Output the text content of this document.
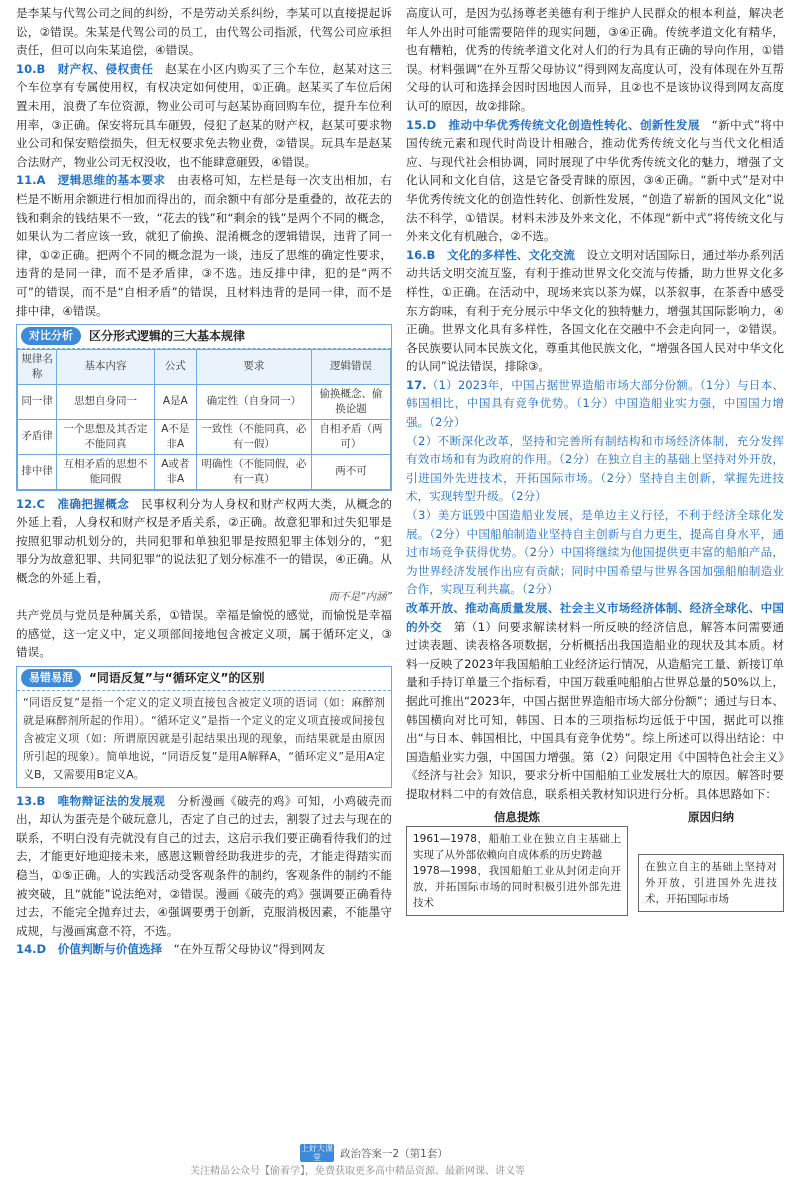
是李某与代驾公司之间的纠纷，不是劳动关系纠纷，李某可以直接提起诉讼，②错误。朱某是代驾公司的员工，由代驾公司指派，代驾公司应承担责任，但可以向朱某追偿，④错误。

10.B　财产权、侵权责任　 赵某在小区内购买了三个车位，赵某对这三个车位享有专属使用权，有权决定如何使用，①正确。赵某买了车位后闲置未用，浪费了车位资源，物业公司可与赵某协商回购车位，提升车位利用率，③正确。保安将玩具车砸毁，侵犯了赵某的财产权，赵某可要求物业公司和保安赔偿损失，但无权要求免去物业费，②错误。玩具车是赵某合法财产，物业公司无权没收，也不能肆意砸毁，④错误。

11.A　逻辑思维的基本要求　 由表格可知，左栏是每一次支出相加，右栏是不断用余额进行相加而得出的，而余额中有部分是重叠的，故花去的钱和剩余的钱结果不一致，“花去的钱”和“剩余的钱”是两个不同的概念，如果认为二者应该一致，就犯了偷换、混淆概念的逻辑错误，违背了同一律，①②正确。把两个不同的概念混为一谈，违反了思维的确定性要求，违背的是同一律，而不是矛盾律，③不选。违反排中律，犯的是“两不可”的错误，而不是“自相矛盾”的错误，且材料违背的是同一律，而不是排中律，④错误。

对比分析	区分形式逻辑的三大基本规律
规律名称	基本内容	公式	要求	逻辑错误
同一律	思想自身同一	A是A	确定性（自身同一）	偷换概念、偷换论题
矛盾律	一个思想及其否定不能同真	A不是非A	一致性（不能同真，必有一假）	自相矛盾（两可）
排中律	互相矛盾的思想不能同假	A或者非A	明确性（不能同假，必有一真）	两不可

12.C　准确把握概念　 民事权利分为人身权和财产权两大类，从概念的外延上看，人身权和财产权是矛盾关系，②正确。故意犯罪和过失犯罪是按照犯罪动机划分的，共同犯罪和单独犯罪是按照犯罪主体划分的，“犯罪分为故意犯罪、共同犯罪”的说法犯了划分标准不一的错误，④正确。从概念的外延上看，

而不是“内涵”

共产党员与党员是种属关系，①错误。幸福是愉悦的感觉，而愉悦是幸福的感觉，这一定义中，定义项部间接地包含被定义项，属于循环定义，③错误。

易错易混	“同语反复”与“循环定义”的区别
“同语反复”是指一个定义的定义项直接包含被定义项的语词（如：麻醉剂就是麻醉剂所起的作用）。“循环定义”是指一个定义的定义项直接或间接包含被定义项（如：所谓原因就是引起结果出现的现象，而结果就是由原因所引起的现象）。简单地说，“同语反复”是用A解释A，“循环定义”是用A定义B，又需要用B定义A。

13.B　唯物辩证法的发展观　 分析漫画《破壳的鸡》可知，小鸡破壳而出，却认为蛋壳是个破玩意儿，否定了自己的过去，割裂了过去与现在的联系，不明白没有壳就没有自己的过去，这启示我们要正确看待我们的过去，才能更好地迎接未来，感恩这颗曾经助我进步的壳，才能走得踏实而稳当，①⑤正确。人的实践活动受客观条件的制约，客观条件的制约不能被突破，且“就能”说法绝对，②错误。漫画《破壳的鸡》强调要正确看待过去，不能完全抛弃过去，④强调要勇于创新，克服消极因素，不能墨守成规，与漫画寓意不符，不选。

14.D　价值判断与价值选择　 “在外互帮父母协议”得到网友

高度认可，是因为弘扬尊老美德有利于维护人民群众的根本利益，解决老年人外出时可能需要陪伴的现实问题，③④正确。传统孝道文化有精华，也有糟粕，优秀的传统孝道文化对人们的行为具有正确的导向作用，①错误。材料强调“在外互帮父母协议”得到网友高度认可，没有体现在外互帮父母的认可和选择会因时因地因人而异，且②也不是该协议得到网友高度认可的原因，故②排除。

15.D　推动中华优秀传统文化创造性转化、创新性发展　 “新中式”将中国传统元素和现代时尚设计相融合，推动优秀传统文化与当代文化相适应、与现代社会相协调，同时展现了中华优秀传统文化的魅力，增强了文化认同和文化自信，这是它备受青睐的原因，③④正确。“新中式”是对中华优秀传统文化的创造性转化、创新性发展，“创造了崭新的国风文化”说法不科学，①错误。材料未涉及外来文化，不体现“新中式”将传统文化与外来文化有机融合，②不选。

16.B　文化的多样性、文化交流　 设立文明对话国际日，通过举办系列活动共话文明交流互鉴，有利于推动世界文化交流与传播，助力世界文化多样性，①正确。在活动中，现场来宾以茶为媒，以茶叙事，在茶香中感受东方韵味，有利于充分展示中华文化的独特魅力，增强其国际影响力，④正确。世界文化具有多样性，各国文化在交融中不会走向同一，②错误。各民族要认同本民族文化，尊重其他民族文化，“增强各国人民对中华文化的认同”说法错误，排除③。

17.（1）2023年，中国占据世界造船市场大部分份额。（1分）与日本、韩国相比，中国具有竞争优势。（1分）中国造船业实力强，中国国力增强。（2分）

（2）不断深化改革，坚持和完善所有制结构和市场经济体制，充分发挥有效市场和有为政府的作用。（2分）在独立自主的基础上坚持对外开放，引进国外先进技术，开拓国际市场。（2分）坚持自主创新，掌握先进技术，实现转型升级。（2分）

（3）美方诋毁中国造船业发展，是单边主义行径，不利于经济全球化发展。（2分）中国船舶制造业坚持自主创新与自力更生，提高自身水平，通过市场竞争获得优势。（2分）中国将继续为他国提供更丰富的船舶产品，为世界经济发展作出应有贡献；同时中国希望与世界各国加强船舶制造业合作，实现互利共赢。（2分）

改革开放、推动高质量发展、社会主义市场经济体制、经济全球化、中国的外交　 第（1）问要求解读材料一所反映的经济信息，解答本问需要通过读表题、读表格各项数据，分析概括出我国造船业的现状及其本质。材料一反映了2023年我国船舶工业经济运行情况，从造船完工量、新接订单量和手持订单量三个指标看，中国万载重吨船舶占世界总量的50%以上，据此可推出“2023年，中国占据世界造船市场大部分份额”；通过与日本、韩国横向对比可知，韩国、日本的三项指标均远低于中国，据此可以推出“与日本、韩国相比，中国具有竞争优势”。综上所述可以得出结论：中国造船业实力强，中国国力增强。第（2）问限定用《中国特色社会主义》《经济与社会》知识，要求分析中国船舶工业发展壮大的原因。解答时要提取材料二中的有效信息，联系相关教材知识进行分析。具体思路如下：

信息提炼
1961—1978，船舶工业在独立自主基础上实现了从外部依赖向自成体系的历史跨越
1978—1998，我国船舶工业从封闭走向开放，并拓国际市场的同时积极引进外部先进技术
原因归纳
在独立自主的基础上坚持对外开放，引进国外先进技术，开拓国际市场
上好大课堂	政治答案一2（第1套）
关注精品公众号【偷着学】，免费获取更多高中精品资源、最新网课、讲义等
